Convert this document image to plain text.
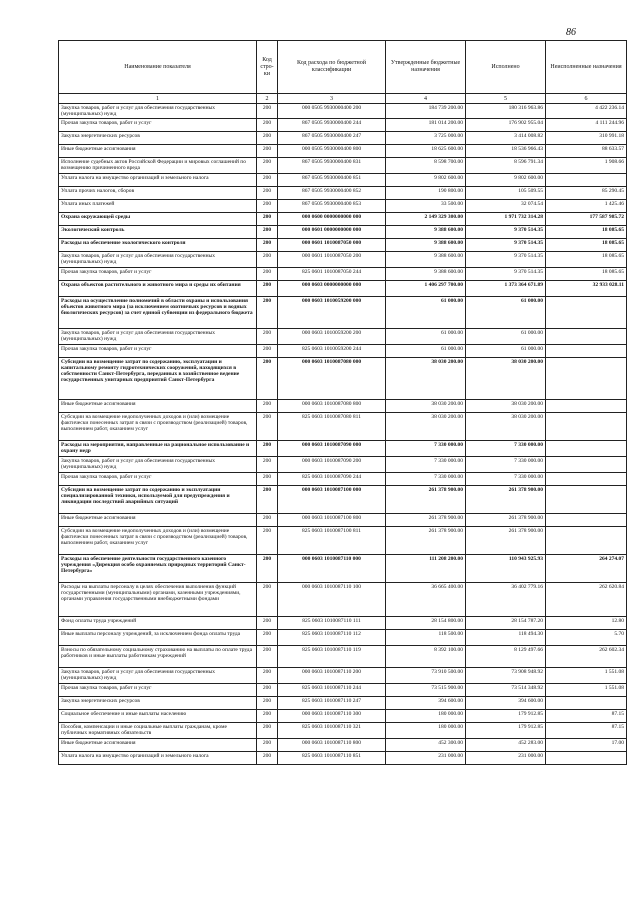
86
Наименование показателя	Код стро-ки	Код расхода по бюджетной классификации	Утвержденные бюджетные назначения	Исполнено	Неисполненные назначения
1	2	3	4	5	6
Закупка товаров, работ и услуг для обеспечения государственных (муниципальных) нужд	200	000 0505 9930000400 200	184 739 200.00	180 316 963.86	4 422 236.14
Прочая закупка товаров, работ и услуг	200	867 0505 9930000400 244	181 014 200.00	176 902 955.04	4 111 244.96
Закупка энергетических ресурсов	200	867 0505 9930000400 247	3 725 000.00	3 414 008.82	310 991.18
Иные бюджетные ассигнования	200	000 0505 9930000400 800	18 625 600.00	18 536 966.43	88 633.57
Исполнение судебных актов Российской Федерации и мировых соглашений по возмещению причиненного вреда	200	867 0505 9930000400 831	8 598 700.00	8 596 791.34	1 908.66
Уплата налога на имущество организаций и земельного налога	200	867 0505 9930000400 851	9 802 600.00	9 802 600.00	
Уплата прочих налогов, сборов	200	867 0505 9930000400 852	190 800.00	105 509.55	85 290.45
Уплата иных платежей	200	867 0505 9930000400 853	33 500.00	32 074.54	1 425.46
Охрана окружающей среды	200	000 0600 0000000000 000	2 149 329 300.00	1 971 732 314.28	177 587 985.72
Экологический контроль	200	000 0601 0000000000 000	9 388 600.00	9 370 514.35	18 085.65
Расходы на обеспечение экологического контроля	200	000 0601 1010087050 000	9 388 600.00	9 370 514.35	18 085.65
Закупка товаров, работ и услуг для обеспечения государственных (муниципальных) нужд	200	000 0601 1010087050 200	9 388 600.00	9 370 514.35	18 085.65
Прочая закупка товаров, работ и услуг	200	825 0601 1010087050 244	9 388 600.00	9 370 514.35	18 085.65
Охрана объектов растительного и животного мира и среды их обитания	200	000 0603 0000000000 000	1 406 297 700.00	1 373 364 671.89	32 933 028.11
Расходы на осуществление полномочий в области охраны и использования объектов животного мира (за исключением охотничьих ресурсов и водных биологических ресурсов) за счет единой субвенции из федерального бюджета	200	000 0603 1010059200 000	61 000.00	61 000.00	
Закупка товаров, работ и услуг для обеспечения государственных (муниципальных) нужд	200	000 0603 1010059200 200	61 000.00	61 000.00	
Прочая закупка товаров, работ и услуг	200	825 0603 1010059200 244	61 000.00	61 000.00	
Субсидии на возмещение затрат по содержанию, эксплуатации и капитальному ремонту гидротехнических сооружений, находящихся в собственности Санкт-Петербурга, переданных в хозяйственное ведение государственных унитарных предприятий Санкт-Петербурга	200	000 0603 1010087080 000	38 030 200.00	38 030 200.00	
Иные бюджетные ассигнования	200	000 0603 1010087080 800	38 030 200.00	38 030 200.00	
Субсидии на возмещение недополученных доходов и (или) возмещение фактически понесенных затрат в связи с производством (реализацией) товаров, выполнением работ, оказанием услуг	200	825 0603 1010087080 811	38 030 200.00	38 030 200.00	
Расходы на мероприятия, направленные на рациональное использование и охрану недр	200	000 0603 1010087090 000	7 330 000.00	7 330 000.00	
Закупка товаров, работ и услуг для обеспечения государственных (муниципальных) нужд	200	000 0603 1010087090 200	7 330 000.00	7 330 000.00	
Прочая закупка товаров, работ и услуг	200	825 0603 1010087090 244	7 330 000.00	7 330 000.00	
Субсидии на возмещение затрат по содержанию и эксплуатации специализированной техники, используемой для предупреждения и ликвидации последствий аварийных ситуаций	200	000 0603 1010087100 000	261 378 900.00	261 378 900.00	
Иные бюджетные ассигнования	200	000 0603 1010087100 800	261 378 900.00	261 378 900.00	
Субсидии на возмещение недополученных доходов и (или) возмещение фактически понесенных затрат в связи с производством (реализацией) товаров, выполнением работ, оказанием услуг	200	825 0603 1010087100 811	261 378 900.00	261 378 900.00	
Расходы на обеспечение деятельности государственного казенного учреждения «Дирекция особо охраняемых природных территорий Санкт-Петербурга»	200	000 0603 1010087110 000	111 208 200.00	110 943 925.93	264 274.07
Расходы на выплаты персоналу в целях обеспечения выполнения функций государственными (муниципальными) органами, казенными учреждениями, органами управления государственными внебюджетными фондами	200	000 0603 1010087110 100	36 665 400.00	36 402 779.16	262 620.84
Фонд оплаты труда учреждений	200	825 0603 1010087110 111	28 154 800.00	28 154 787.20	12.80
Иные выплаты персоналу учреждений, за исключением фонда оплаты труда	200	825 0603 1010087110 112	118 500.00	118 494.30	5.70
Взносы по обязательному социальному страхованию на выплаты по оплате труда работников и иные выплаты работникам учреждений	200	825 0603 1010087110 119	8 392 100.00	8 129 497.66	262 602.34
Закупка товаров, работ и услуг для обеспечения государственных (муниципальных) нужд	200	000 0603 1010087110 200	73 910 500.00	73 908 948.92	1 551.08
Прочая закупка товаров, работ и услуг	200	825 0603 1010087110 244	73 515 900.00	73 514 348.92	1 551.08
Закупка энергетических ресурсов	200	825 0603 1010087110 247	394 600.00	394 600.00	
Социальное обеспечение и иные выплаты населению	200	000 0603 1010087110 300	180 000.00	179 912.85	87.15
Пособия, компенсации и иные социальные выплаты гражданам, кроме публичных нормативных обязательств	200	825 0603 1010087110 321	180 000.00	179 912.85	87.15
Иные бюджетные ассигнования	200	000 0603 1010087110 800	452 300.00	452 283.00	17.00
Уплата налога на имущество организаций и земельного налога	200	825 0603 1010087110 851	231 000.00	231 000.00	
